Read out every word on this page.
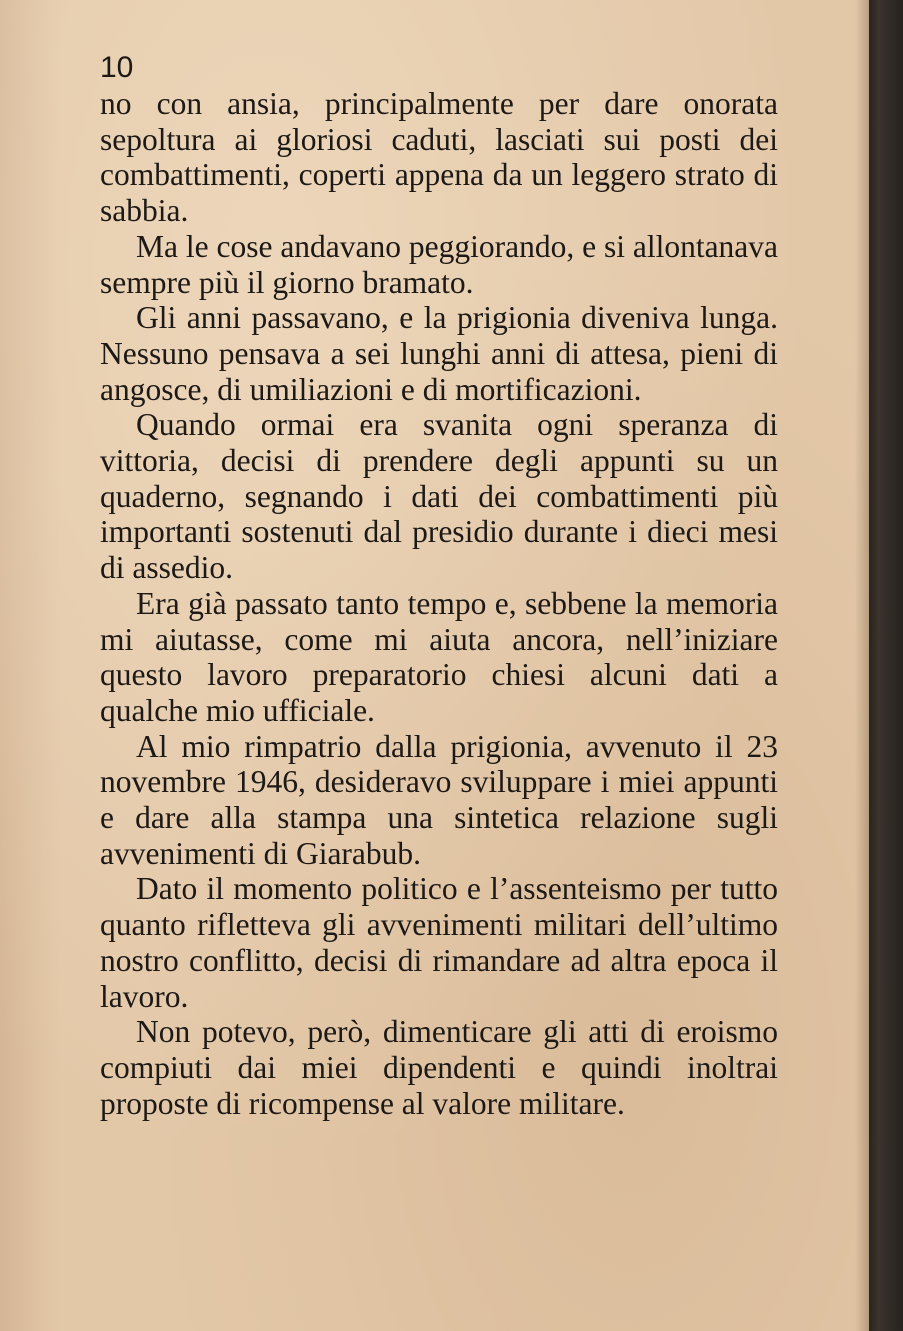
10

no con ansia, principalmente per dare onorata sepoltura ai gloriosi caduti, lasciati sui posti dei combattimenti, coperti appena da un leggero strato di sabbia.

Ma le cose andavano peggiorando, e si allontanava sempre più il giorno bramato.

Gli anni passavano, e la prigionia diveniva lunga. Nessuno pensava a sei lunghi anni di attesa, pieni di angosce, di umiliazioni e di mortificazioni.

Quando ormai era svanita ogni speranza di vittoria, decisi di prendere degli appunti su un quaderno, segnando i dati dei combattimenti più importanti sostenuti dal presidio durante i dieci mesi di assedio.

Era già passato tanto tempo e, sebbene la memoria mi aiutasse, come mi aiuta ancora, nell’iniziare questo lavoro preparatorio chiesi alcuni dati a qualche mio ufficiale.

Al mio rimpatrio dalla prigionia, avvenuto il 23 novembre 1946, desideravo sviluppare i miei appunti e dare alla stampa una sintetica relazione sugli avvenimenti di Giarabub.

Dato il momento politico e l’assenteismo per tutto quanto rifletteva gli avvenimenti militari dell’ultimo nostro conflitto, decisi di rimandare ad altra epoca il lavoro.

Non potevo, però, dimenticare gli atti di eroismo compiuti dai miei dipendenti e quindi inoltrai proposte di ricompense al valore militare.
